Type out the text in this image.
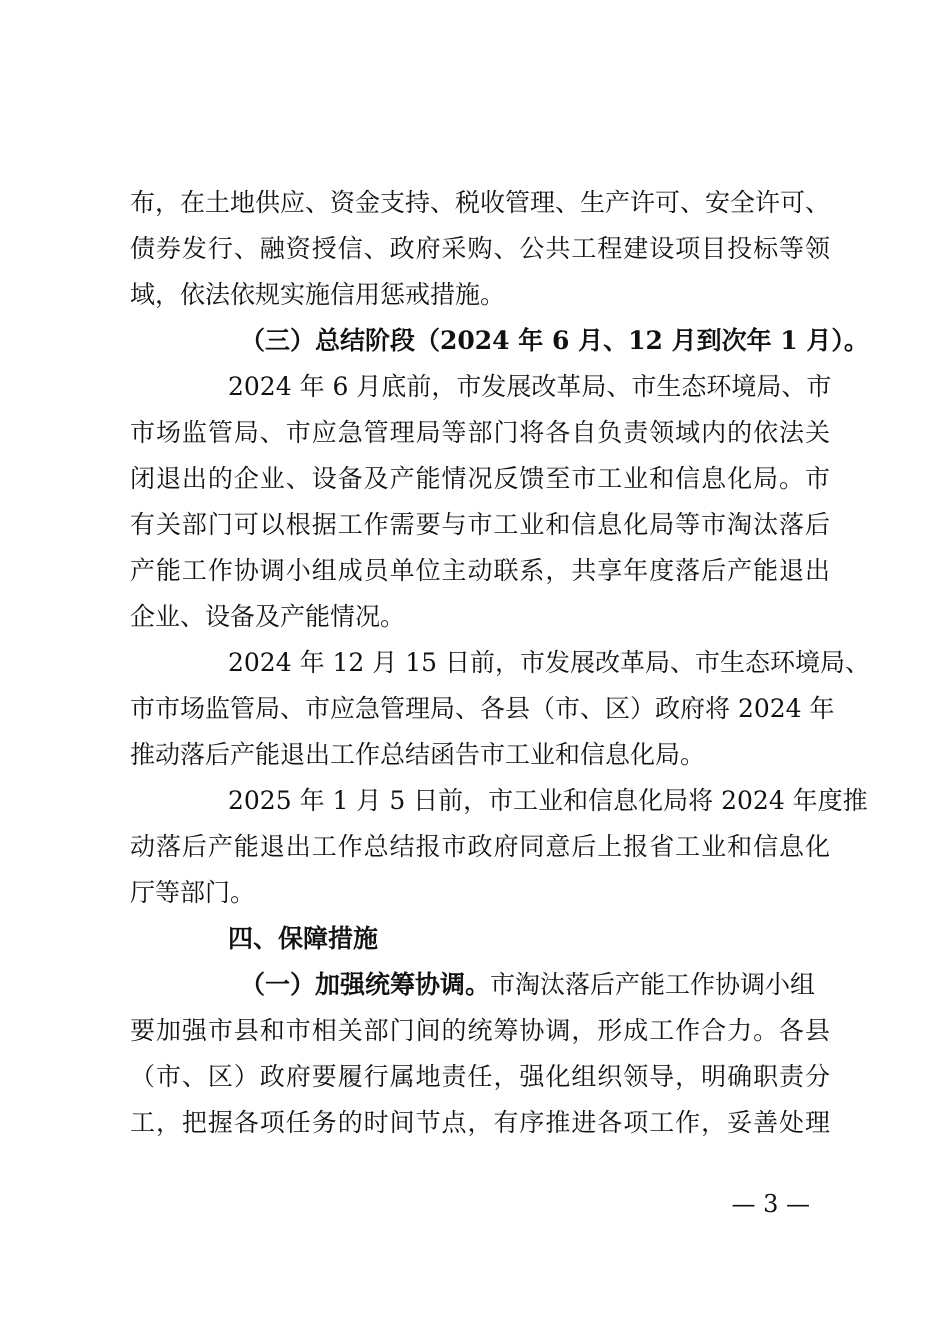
布，在土地供应、资金支持、税收管理、生产许可、安全许可、
债券发行、融资授信、政府采购、公共工程建设项目投标等领
域，依法依规实施信用惩戒措施。
（三）总结阶段（2024 年 6 月、12 月到次年 1 月）。
2024 年 6 月底前，市发展改革局、市生态环境局、市
市场监管局、市应急管理局等部门将各自负责领域内的依法关
闭退出的企业、设备及产能情况反馈至市工业和信息化局。市
有关部门可以根据工作需要与市工业和信息化局等市淘汰落后
产能工作协调小组成员单位主动联系，共享年度落后产能退出
企业、设备及产能情况。
2024 年 12 月 15 日前，市发展改革局、市生态环境局、
市市场监管局、市应急管理局、各县（市、区）政府将 2024 年
推动落后产能退出工作总结函告市工业和信息化局。
2025 年 1 月 5 日前，市工业和信息化局将 2024 年度推
动落后产能退出工作总结报市政府同意后上报省工业和信息化
厅等部门。
四、保障措施
（一）加强统筹协调。市淘汰落后产能工作协调小组
要加强市县和市相关部门间的统筹协调，形成工作合力。各县
（市、区）政府要履行属地责任，强化组织领导，明确职责分
工，把握各项任务的时间节点，有序推进各项工作，妥善处理
— 3 —
